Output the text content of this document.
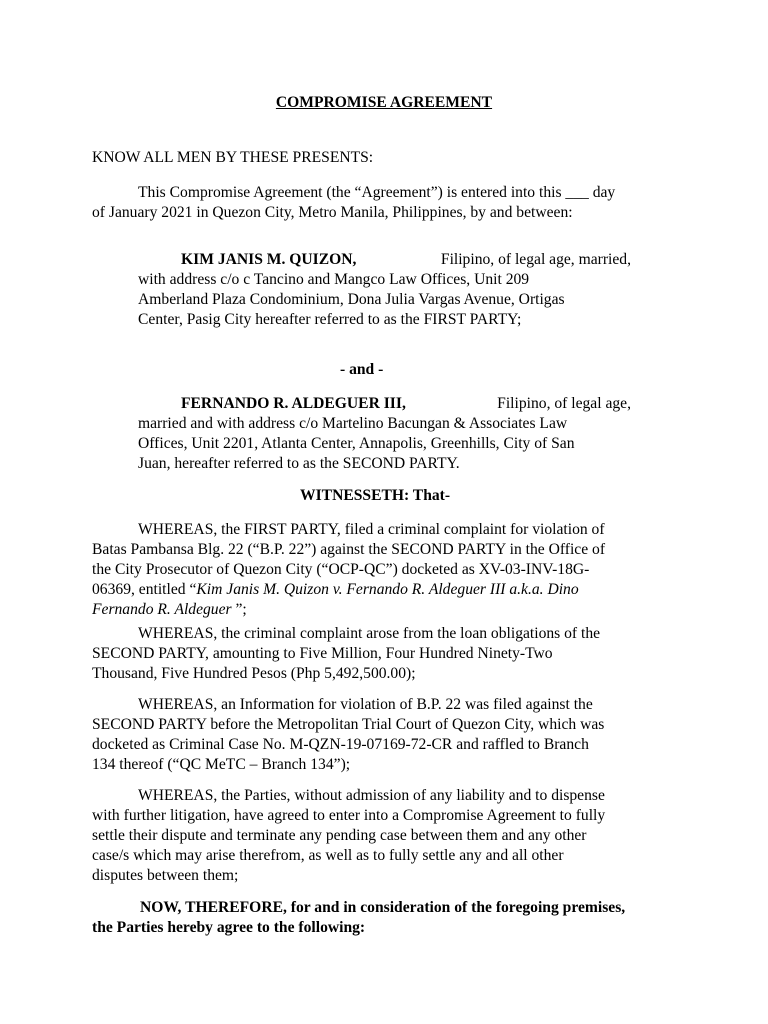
COMPROMISE AGREEMENT
KNOW ALL MEN BY THESE PRESENTS:
This Compromise Agreement (the “Agreement”) is entered into this ___ day
of January 2021 in Quezon City, Metro Manila, Philippines, by and between:
KIM JANIS M. QUIZON,	Filipino, of legal age, married,
with address c/o c Tancino and Mangco Law Offices, Unit 209
Amberland Plaza Condominium, Dona Julia Vargas Avenue, Ortigas
Center, Pasig City hereafter referred to as the FIRST PARTY;
- and -
FERNANDO R. ALDEGUER III,	Filipino, of legal age,
married and with address c/o Martelino Bacungan & Associates Law
Offices, Unit 2201, Atlanta Center, Annapolis, Greenhills, City of San
Juan, hereafter referred to as the SECOND PARTY.
WITNESSETH: That-
WHEREAS, the FIRST PARTY, filed a criminal complaint for violation of
Batas Pambansa Blg. 22 (“B.P. 22”) against the SECOND PARTY in the Office of
the City Prosecutor of Quezon City (“OCP-QC”) docketed as XV-03-INV-18G-
06369, entitled “Kim Janis M. Quizon v. Fernando R. Aldeguer III a.k.a. Dino
Fernando R. Aldeguer ”;
WHEREAS, the criminal complaint arose from the loan obligations of the
SECOND PARTY, amounting to Five Million, Four Hundred Ninety-Two
Thousand, Five Hundred Pesos (Php 5,492,500.00);
WHEREAS, an Information for violation of B.P. 22 was filed against the
SECOND PARTY before the Metropolitan Trial Court of Quezon City, which was
docketed as Criminal Case No. M-QZN-19-07169-72-CR and raffled to Branch
134 thereof (“QC MeTC – Branch 134”);
WHEREAS, the Parties, without admission of any liability and to dispense
with further litigation, have agreed to enter into a Compromise Agreement to fully
settle their dispute and terminate any pending case between them and any other
case/s which may arise therefrom, as well as to fully settle any and all other
disputes between them;
NOW, THEREFORE, for and in consideration of the foregoing premises,
the Parties hereby agree to the following:
